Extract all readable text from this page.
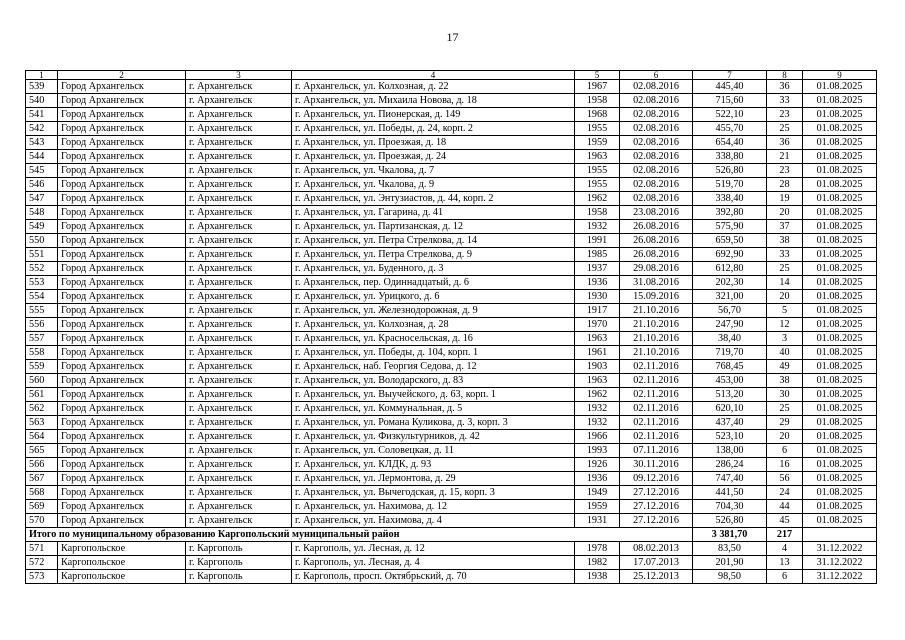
17
1	2	3	4	5	6	7	8	9
539	Город Архангельск	г. Архангельск	г. Архангельск, ул. Колхозная, д. 22	1967	02.08.2016	445,40	36	01.08.2025
540	Город Архангельск	г. Архангельск	г. Архангельск, ул. Михаила Новова, д. 18	1958	02.08.2016	715,60	33	01.08.2025
541	Город Архангельск	г. Архангельск	г. Архангельск, ул. Пионерская, д. 149	1968	02.08.2016	522,10	23	01.08.2025
542	Город Архангельск	г. Архангельск	г. Архангельск, ул. Победы, д. 24, корп. 2	1955	02.08.2016	455,70	25	01.08.2025
543	Город Архангельск	г. Архангельск	г. Архангельск, ул. Проезжая, д. 18	1959	02.08.2016	654,40	36	01.08.2025
544	Город Архангельск	г. Архангельск	г. Архангельск, ул. Проезжая, д. 24	1963	02.08.2016	338,80	21	01.08.2025
545	Город Архангельск	г. Архангельск	г. Архангельск, ул. Чкалова, д. 7	1955	02.08.2016	526,80	23	01.08.2025
546	Город Архангельск	г. Архангельск	г. Архангельск, ул. Чкалова, д. 9	1955	02.08.2016	519,70	28	01.08.2025
547	Город Архангельск	г. Архангельск	г. Архангельск, ул. Энтузиастов, д. 44, корп. 2	1962	02.08.2016	338,40	19	01.08.2025
548	Город Архангельск	г. Архангельск	г. Архангельск, ул. Гагарина, д. 41	1958	23.08.2016	392,80	20	01.08.2025
549	Город Архангельск	г. Архангельск	г. Архангельск, ул. Партизанская, д. 12	1932	26.08.2016	575,90	37	01.08.2025
550	Город Архангельск	г. Архангельск	г. Архангельск, ул. Петра Стрелкова, д. 14	1991	26.08.2016	659,50	38	01.08.2025
551	Город Архангельск	г. Архангельск	г. Архангельск, ул. Петра Стрелкова, д. 9	1985	26.08.2016	692,90	33	01.08.2025
552	Город Архангельск	г. Архангельск	г. Архангельск, ул. Буденного, д. 3	1937	29.08.2016	612,80	25	01.08.2025
553	Город Архангельск	г. Архангельск	г. Архангельск, пер. Одиннадцатый, д. 6	1936	31.08.2016	202,30	14	01.08.2025
554	Город Архангельск	г. Архангельск	г. Архангельск, ул. Урицкого, д. 6	1930	15.09.2016	321,00	20	01.08.2025
555	Город Архангельск	г. Архангельск	г. Архангельск, ул. Железнодорожная, д. 9	1917	21.10.2016	56,70	5	01.08.2025
556	Город Архангельск	г. Архангельск	г. Архангельск, ул. Колхозная, д. 28	1970	21.10.2016	247,90	12	01.08.2025
557	Город Архангельск	г. Архангельск	г. Архангельск, ул. Красносельская, д. 16	1963	21.10.2016	38,40	3	01.08.2025
558	Город Архангельск	г. Архангельск	г. Архангельск, ул. Победы, д. 104, корп. 1	1961	21.10.2016	719,70	40	01.08.2025
559	Город Архангельск	г. Архангельск	г. Архангельск, наб. Георгия Седова, д. 12	1903	02.11.2016	768,45	49	01.08.2025
560	Город Архангельск	г. Архангельск	г. Архангельск, ул. Володарского, д. 83	1963	02.11.2016	453,00	38	01.08.2025
561	Город Архангельск	г. Архангельск	г. Архангельск, ул. Выучейского, д. 63, корп. 1	1962	02.11.2016	513,20	30	01.08.2025
562	Город Архангельск	г. Архангельск	г. Архангельск, ул. Коммунальная, д. 5	1932	02.11.2016	620,10	25	01.08.2025
563	Город Архангельск	г. Архангельск	г. Архангельск, ул. Романа Куликова, д. 3, корп. 3	1932	02.11.2016	437,40	29	01.08.2025
564	Город Архангельск	г. Архангельск	г. Архангельск, ул. Физкультурников, д. 42	1966	02.11.2016	523,10	20	01.08.2025
565	Город Архангельск	г. Архангельск	г. Архангельск, ул. Соловецкая, д. 11	1993	07.11.2016	138,00	6	01.08.2025
566	Город Архангельск	г. Архангельск	г. Архангельск, ул. КЛДК, д. 93	1926	30.11.2016	286,24	16	01.08.2025
567	Город Архангельск	г. Архангельск	г. Архангельск, ул. Лермонтова, д. 29	1936	09.12.2016	747,40	56	01.08.2025
568	Город Архангельск	г. Архангельск	г. Архангельск, ул. Вычегодская, д. 15, корп. 3	1949	27.12.2016	441,50	24	01.08.2025
569	Город Архангельск	г. Архангельск	г. Архангельск, ул. Нахимова, д. 12	1959	27.12.2016	704,30	44	01.08.2025
570	Город Архангельск	г. Архангельск	г. Архангельск, ул. Нахимова, д. 4	1931	27.12.2016	526,80	45	01.08.2025
Итого по муниципальному образованию Каргопольский муниципальный район						3 381,70	217	
571	Каргопольское	г. Каргополь	г. Каргополь, ул. Лесная, д. 12	1978	08.02.2013	83,50	4	31.12.2022
572	Каргопольское	г. Каргополь	г. Каргополь, ул. Лесная, д. 4	1982	17.07.2013	201,90	13	31.12.2022
573	Каргопольское	г. Каргополь	г. Каргополь, просп. Октябрьский, д. 70	1938	25.12.2013	98,50	6	31.12.2022
